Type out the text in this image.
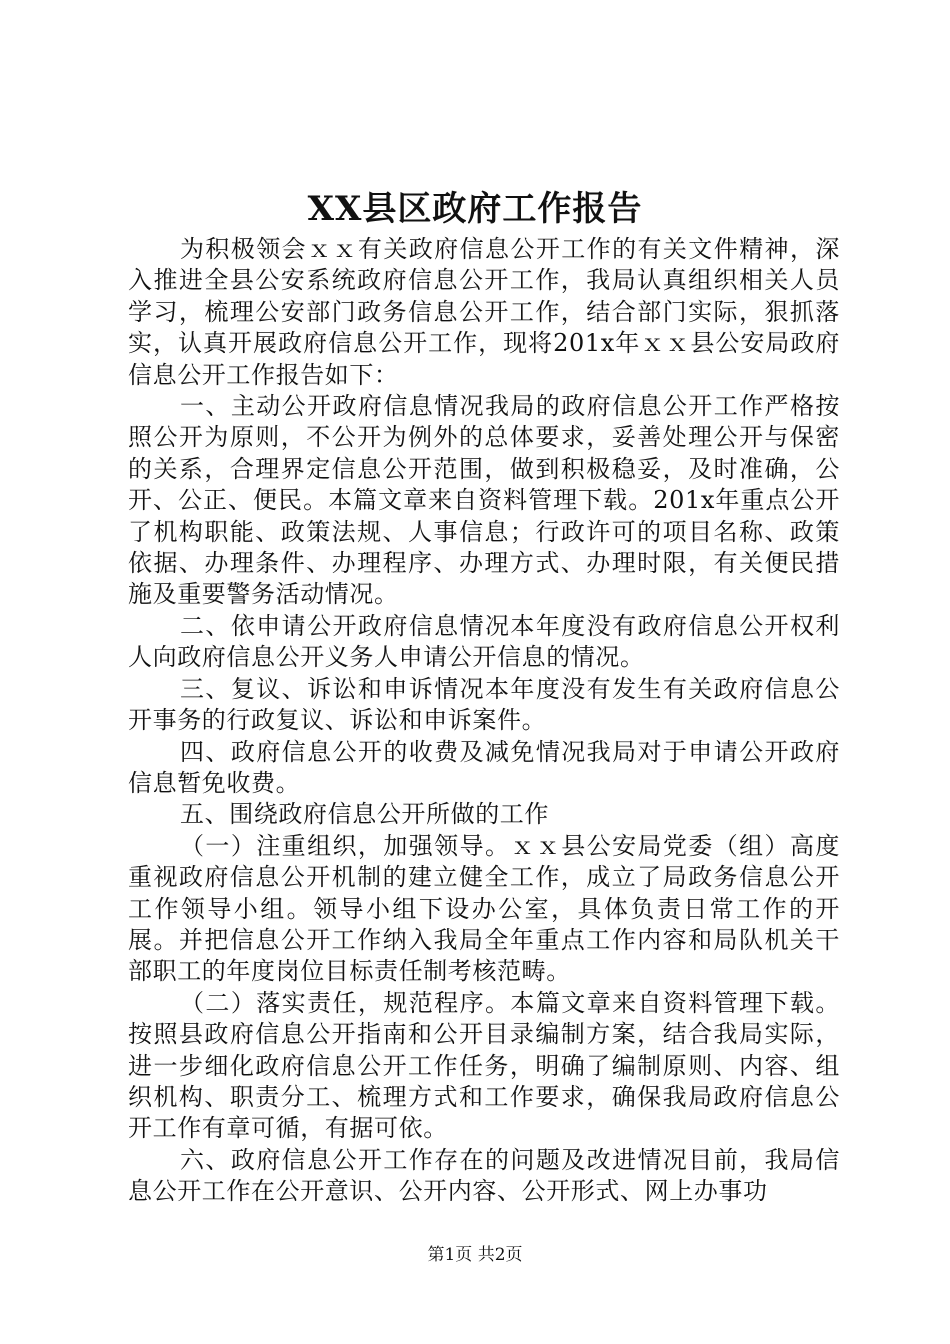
XX县区政府工作报告

为积极领会ｘｘ有关政府信息公开工作的有关文件精神，深入推进全县公安系统政府信息公开工作，我局认真组织相关人员学习，梳理公安部门政务信息公开工作，结合部门实际，狠抓落实，认真开展政府信息公开工作，现将201x年ｘｘ县公安局政府信息公开工作报告如下：

一、主动公开政府信息情况我局的政府信息公开工作严格按照公开为原则，不公开为例外的总体要求，妥善处理公开与保密的关系，合理界定信息公开范围，做到积极稳妥，及时准确，公开、公正、便民。本篇文章来自资料管理下载。201x年重点公开了机构职能、政策法规、人事信息；行政许可的项目名称、政策依据、办理条件、办理程序、办理方式、办理时限，有关便民措施及重要警务活动情况。

二、依申请公开政府信息情况本年度没有政府信息公开权利人向政府信息公开义务人申请公开信息的情况。

三、复议、诉讼和申诉情况本年度没有发生有关政府信息公开事务的行政复议、诉讼和申诉案件。

四、政府信息公开的收费及减免情况我局对于申请公开政府信息暂免收费。

五、围绕政府信息公开所做的工作

（一）注重组织，加强领导。ｘｘ县公安局党委（组）高度重视政府信息公开机制的建立健全工作，成立了局政务信息公开工作领导小组。领导小组下设办公室，具体负责日常工作的开展。并把信息公开工作纳入我局全年重点工作内容和局队机关干部职工的年度岗位目标责任制考核范畴。

（二）落实责任，规范程序。本篇文章来自资料管理下载。按照县政府信息公开指南和公开目录编制方案，结合我局实际，进一步细化政府信息公开工作任务，明确了编制原则、内容、组织机构、职责分工、梳理方式和工作要求，确保我局政府信息公开工作有章可循，有据可依。

六、政府信息公开工作存在的问题及改进情况目前，我局信息公开工作在公开意识、公开内容、公开形式、网上办事功

第1页 共2页
